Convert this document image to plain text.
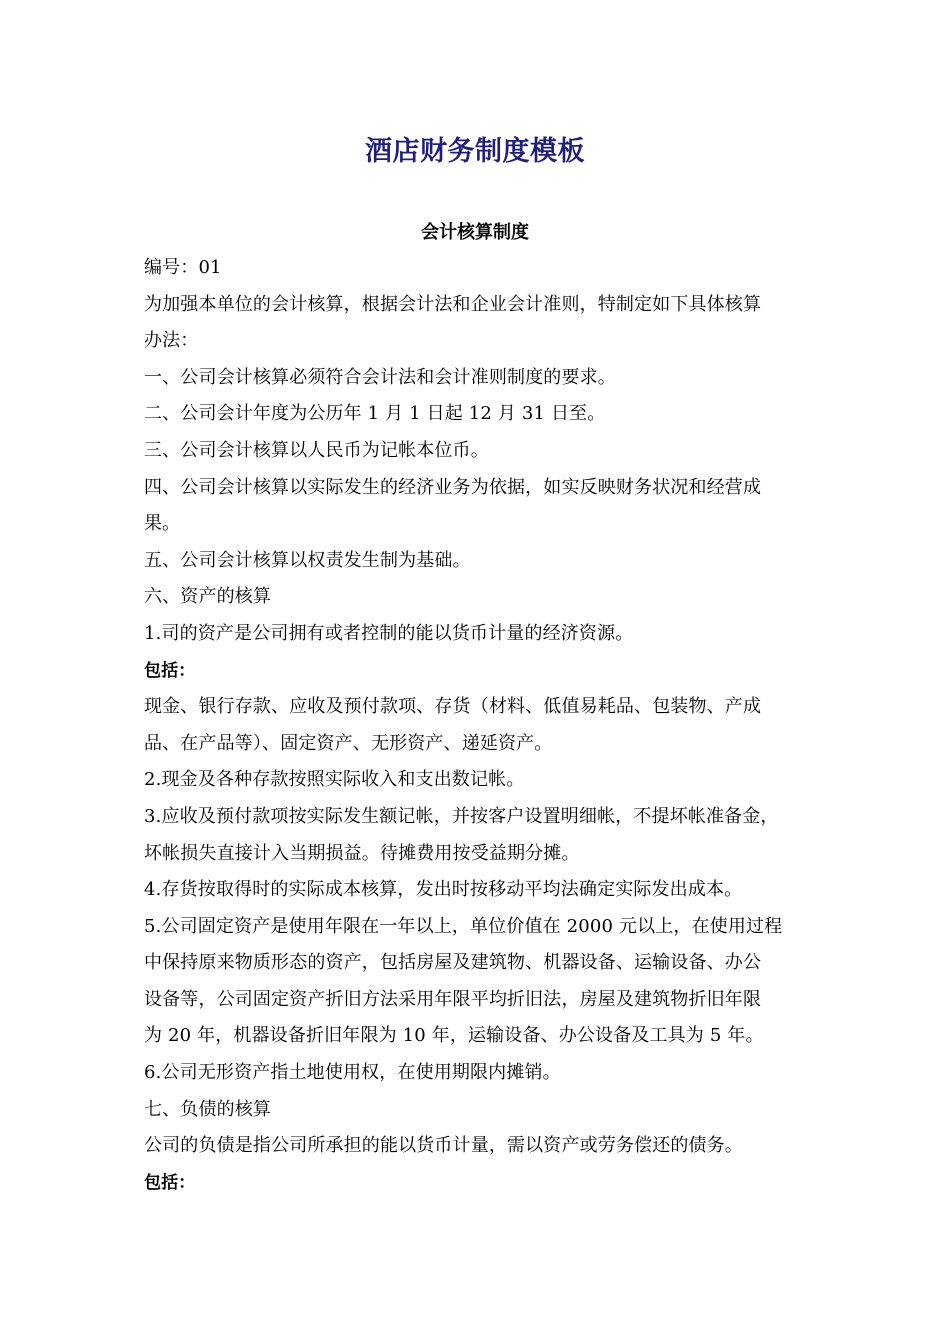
酒店财务制度模板
会计核算制度
编号：01
为加强本单位的会计核算，根据会计法和企业会计准则，特制定如下具体核算
办法：
一、公司会计核算必须符合会计法和会计准则制度的要求。
二、公司会计年度为公历年 1 月 1 日起 12 月 31 日至。
三、公司会计核算以人民币为记帐本位币。
四、公司会计核算以实际发生的经济业务为依据，如实反映财务状况和经营成
果。
五、公司会计核算以权责发生制为基础。
六、资产的核算
1.司的资产是公司拥有或者控制的能以货币计量的经济资源。
包括：
现金、银行存款、应收及预付款项、存货（材料、低值易耗品、包装物、产成
品、在产品等）、固定资产、无形资产、递延资产。
2.现金及各种存款按照实际收入和支出数记帐。
3.应收及预付款项按实际发生额记帐，并按客户设置明细帐，不提坏帐准备金，
坏帐损失直接计入当期损益。待摊费用按受益期分摊。
4.存货按取得时的实际成本核算，发出时按移动平均法确定实际发出成本。
5.公司固定资产是使用年限在一年以上，单位价值在 2000 元以上，在使用过程
中保持原来物质形态的资产，包括房屋及建筑物、机器设备、运输设备、办公
设备等，公司固定资产折旧方法采用年限平均折旧法，房屋及建筑物折旧年限
为 20 年，机器设备折旧年限为 10 年，运输设备、办公设备及工具为 5 年。
6.公司无形资产指土地使用权，在使用期限内摊销。
七、负债的核算
公司的负债是指公司所承担的能以货币计量，需以资产或劳务偿还的债务。
包括：
